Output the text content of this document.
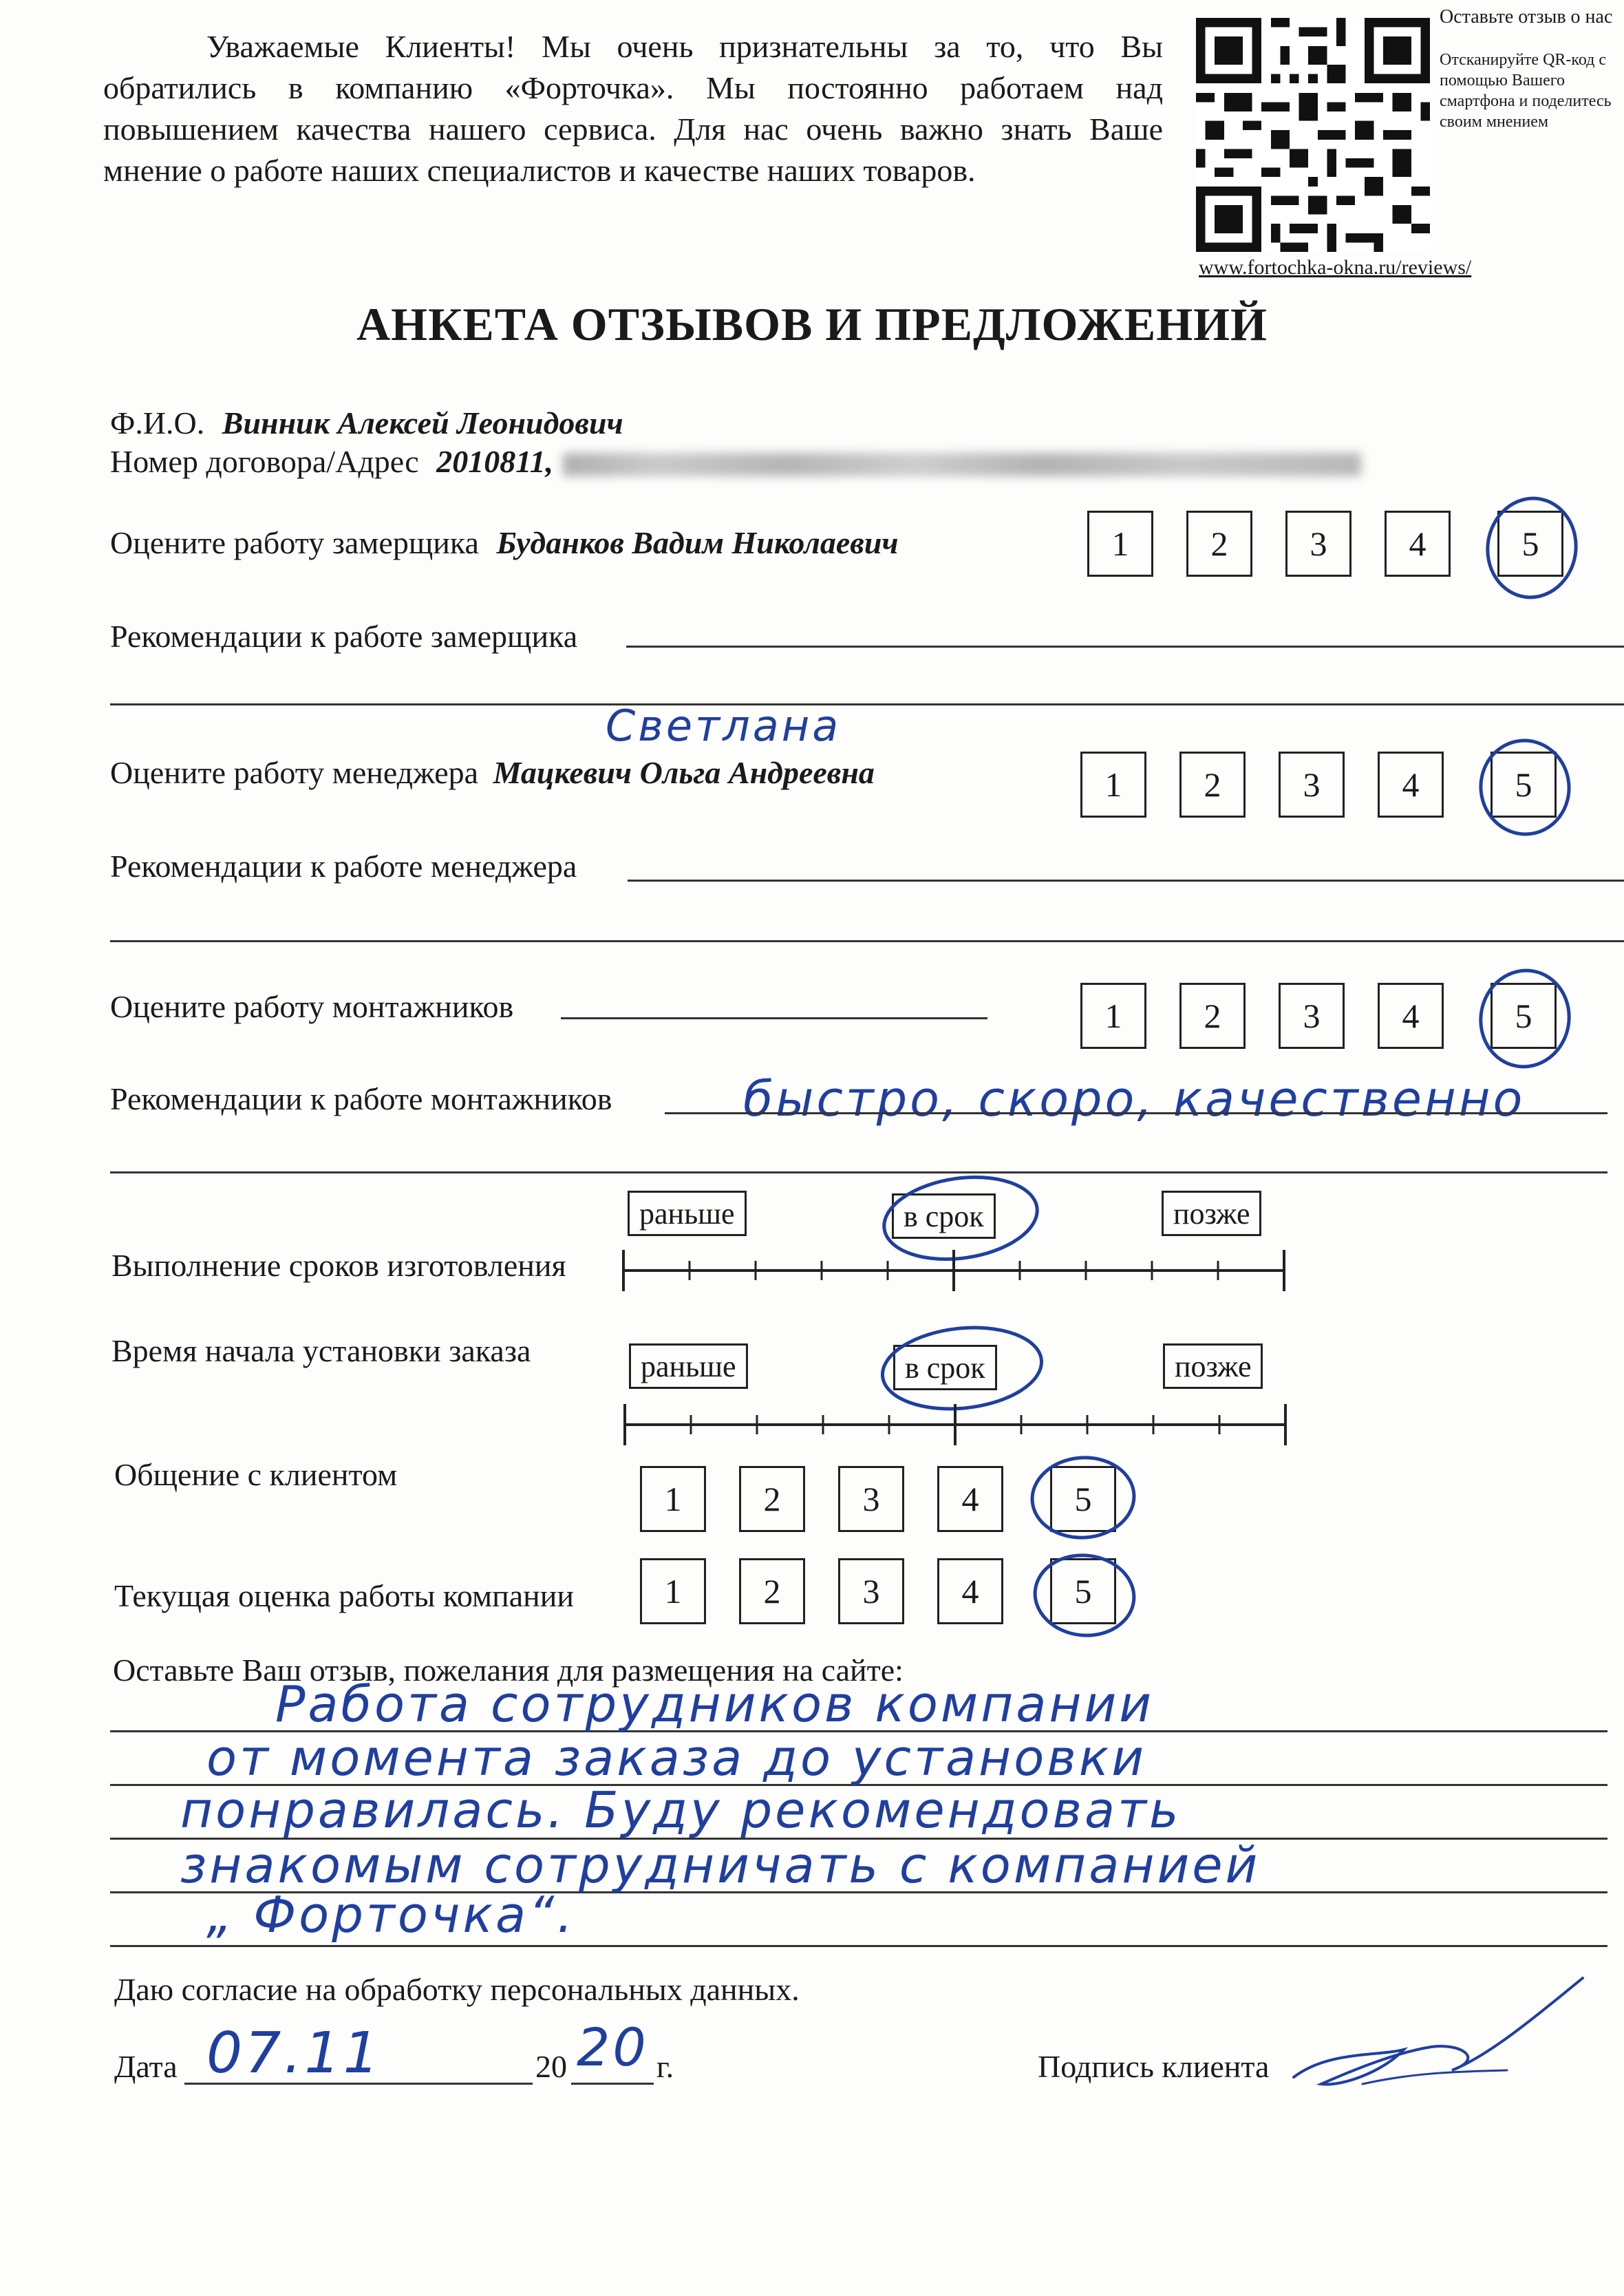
Уважаемые Клиенты! Мы очень признательны за то, что Вы обратились в компанию «Форточка». Мы постоянно работаем над повышением качества нашего сервиса. Для нас очень важно знать Ваше мнение о работе наших специалистов и качестве наших товаров.
Оставьте отзыв о нас
Отсканируйте QR-код с помощью Вашего смартфона и поделитесь своим мнением
www.fortochka-okna.ru/reviews/
АНКЕТА ОТЗЫВОВ И ПРЕДЛОЖЕНИЙ
Ф.И.О. Винник Алексей Леонидович
Номер договора/Адрес 2010811,
Оцените работу замерщика Буданков Вадим Николаевич	1	2	3	4	5
Рекомендации к работе замерщика
Светлана
Оцените работу менеджера Мацкевич Ольга Андреевна	1	2	3	4	5
Рекомендации к работе менеджера
Оцените работу монтажников	1	2	3	4	5
Рекомендации к работе монтажников	быстро, скоро, качественно
раньше	в срок	позже
Выполнение сроков изготовления
Время начала установки заказа	раньше	в срок	позже
Общение с клиентом
1	2	3	4	5
Текущая оценка работы компании	1	2	3	4	5
Оставьте Ваш отзыв, пожелания для размещения на сайте:
Работа сотрудников компании
от момента заказа до установки
понравилась. Буду рекомендовать
знакомым сотрудничать с компанией
„ Форточка“.
Даю согласие на обработку персональных данных.
Дата 07.11	20 20 г.	Подпись клиента
